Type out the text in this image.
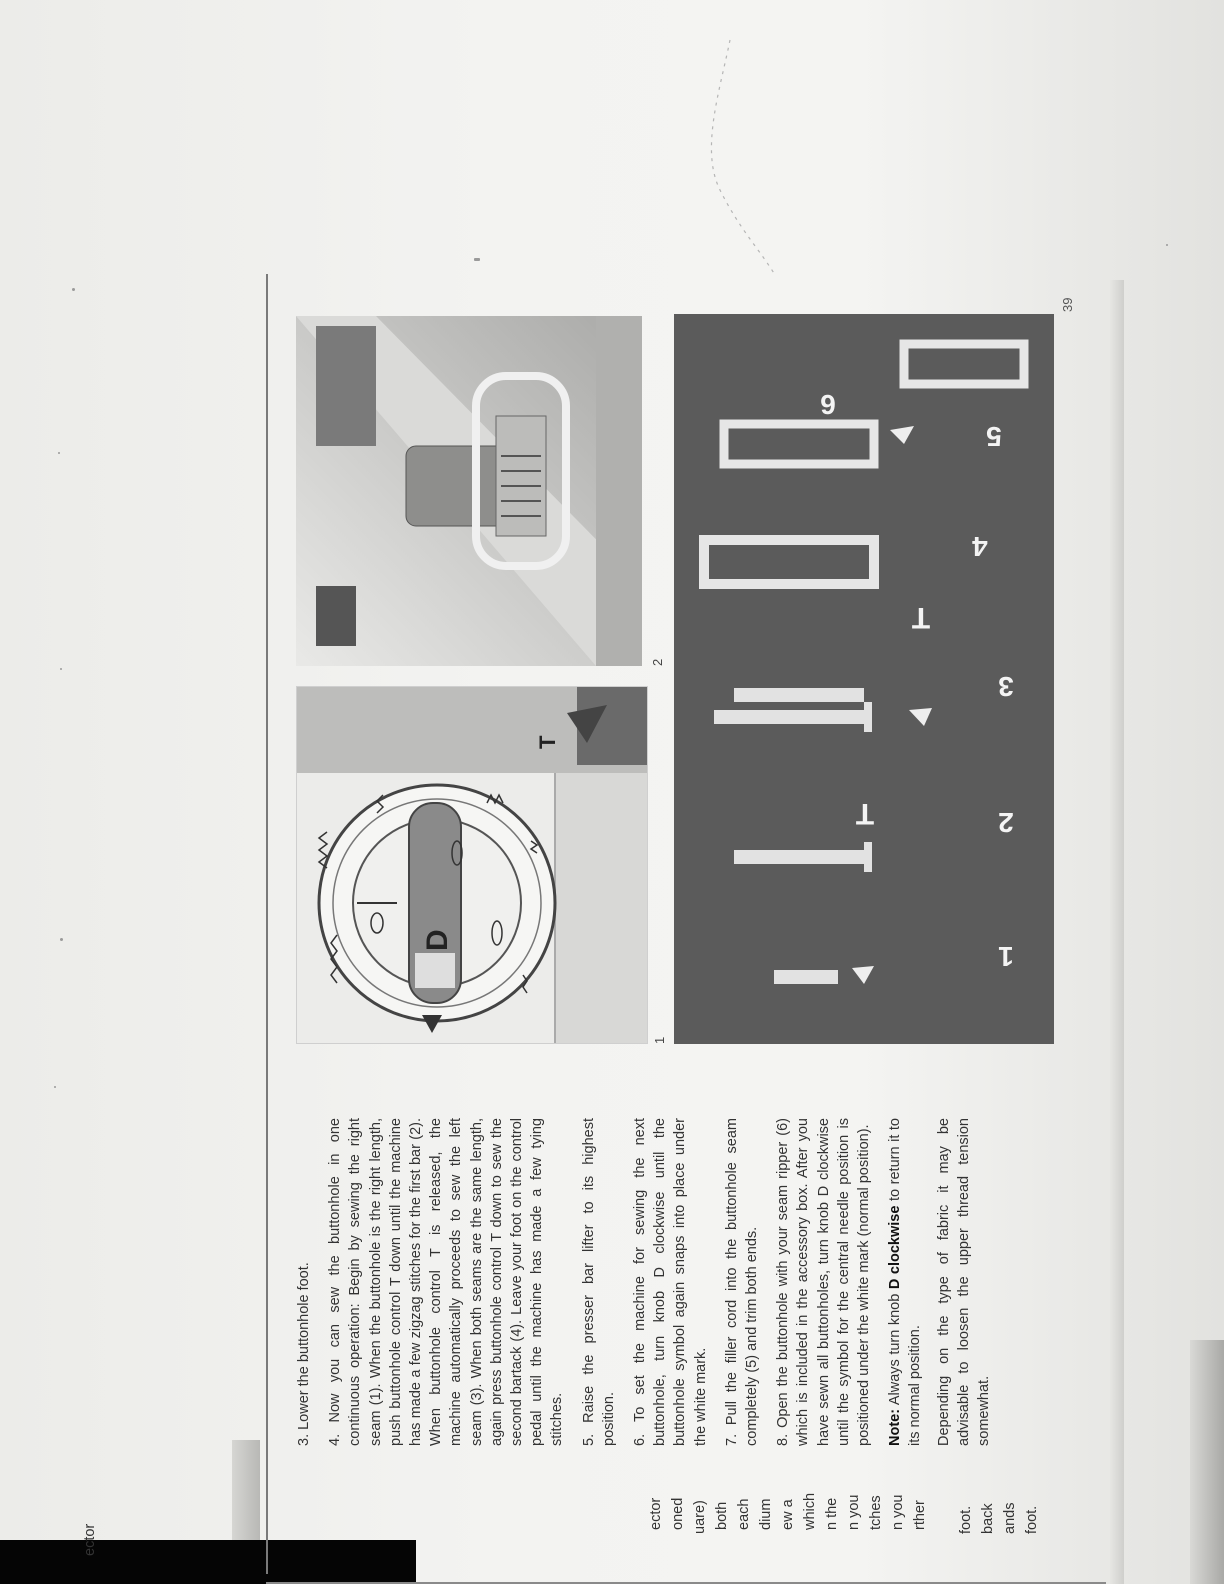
3. Lower the buttonhole foot. 4. Now you can sew the buttonhole in one continuous operation: Begin by sewing the right seam (1). When the buttonhole is the right length, push buttonhole control T down until the machine has made a few zigzag stitches for the first bar (2). When buttonhole control T is released, the machine automatically proceeds to sew the left seam (3). When both seams are the same length, again press buttonhole control T down to sew the second bartack (4). Leave your foot on the control pedal until the machine has made a few tying stitches. 5. Raise the presser bar lifter to its highest position. 6. To set the machine for sewing the next buttonhole, turn knob D clockwise until the buttonhole symbol again snaps into place under the white mark. 7. Pull the filler cord into the buttonhole seam completely (5) and trim both ends. 8. Open the buttonhole with your seam ripper (6) which is included in the accessory box. After you have sewn all buttonholes, turn knob D clockwise until the symbol for the central needle position is positioned under the white mark (normal position). Note: Always turn knob D clockwise to return it to its normal position. Depending on the type of fabric it may be advisable to loosen the upper thread tension somewhat.

D
T
1
2
1
2
3
4
5
6
T
T
39
ector
ector oned uare) both each dium ew a which n the n you tches n you rther foot. back ands foot.
